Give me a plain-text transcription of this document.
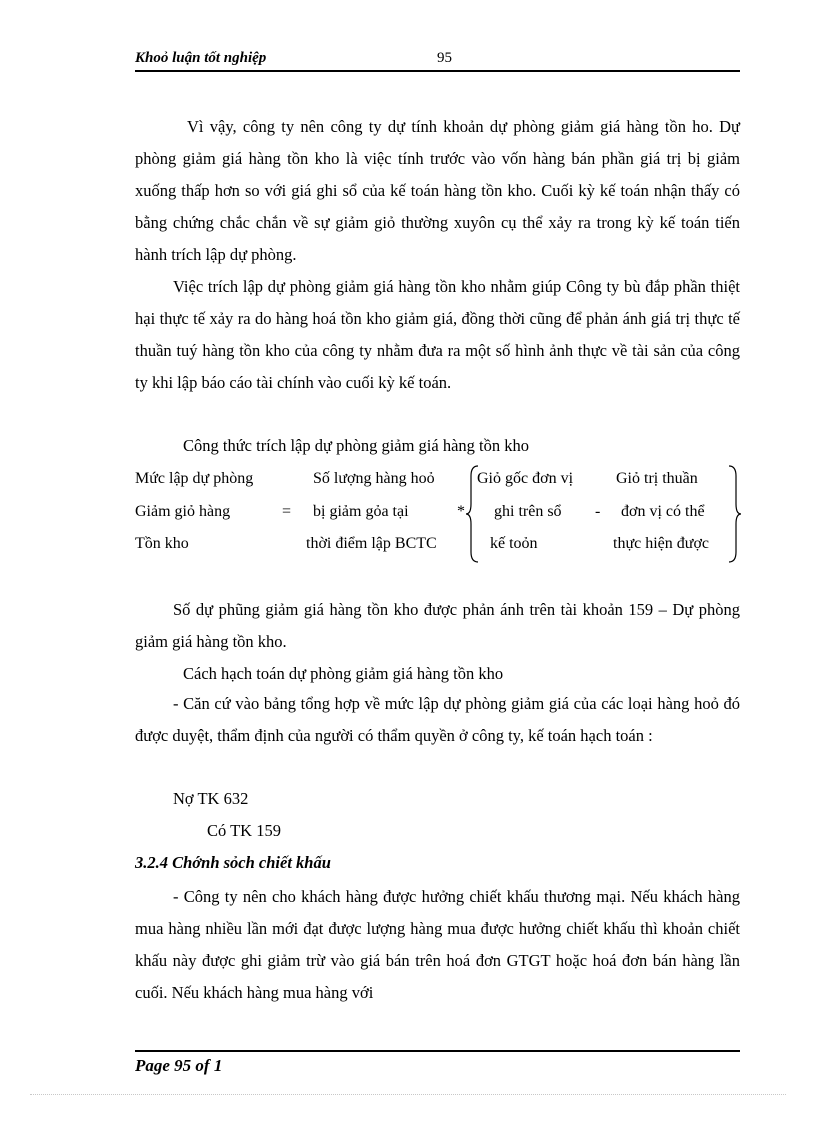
Khoỏ luận tốt nghiệp	95

Vì vậy, công ty nên công ty dự tính khoản dự phòng giảm giá hàng tồn ho. Dự phòng giảm giá hàng tồn kho là việc tính trước vào vốn hàng bán phần giá trị bị giảm xuống thấp hơn so với giá ghi sổ của kế toán hàng tồn kho. Cuối kỳ kế toán nhận thấy có bằng chứng chắc chắn về sự giảm giỏ thường xuyôn cụ thể xảy ra trong kỳ kế toán tiến hành trích lập dự phòng.

Việc trích lập dự phòng giảm giá hàng tồn kho nhằm giúp Công ty bù đắp phần thiệt hại thực tế xảy ra do hàng hoá tồn kho giảm giá, đồng thời cũng để phản ánh giá trị thực tế thuần tuý hàng tồn kho của công ty nhằm đưa ra một số hình ảnh thực về tài sản của công ty khi lập báo cáo tài chính vào cuối kỳ kế toán.

Công thức trích lập dự phòng giảm giá hàng tồn kho
Mức lập dự phòng
Giảm giỏ hàng
Tồn kho
=
Số lượng hàng hoỏ
bị giảm gỏa tại
thời điểm lập BCTC
*
Giỏ gốc đơn vị
ghi trên sổ
kế toỏn
-
Giỏ trị thuần
đơn vị có thể
thực hiện được

Số dự phũng giảm giá hàng tồn kho được phản ánh trên tài khoản 159 – Dự phòng giảm giá hàng tồn kho.

Cách hạch toán dự phòng giảm giá hàng tồn kho

- Căn cứ vào bảng tổng hợp về mức lập dự phòng giảm giá của các loại hàng hoỏ đó được duyệt, thẩm định của người có thẩm quyền ở công ty, kế toán hạch toán :

Nợ TK 632
Có TK 159
3.2.4 Chớnh sỏch chiết khấu

- Công ty nên cho khách hàng được hưởng chiết khấu thương mại. Nếu khách hàng mua hàng nhiều lần mới đạt được lượng hàng mua được hưởng chiết khấu thì khoản chiết khấu này được ghi giảm trừ vào giá bán trên hoá đơn GTGT hoặc hoá đơn bán hàng lần cuối. Nếu khách hàng mua hàng với

Page 95 of 1
